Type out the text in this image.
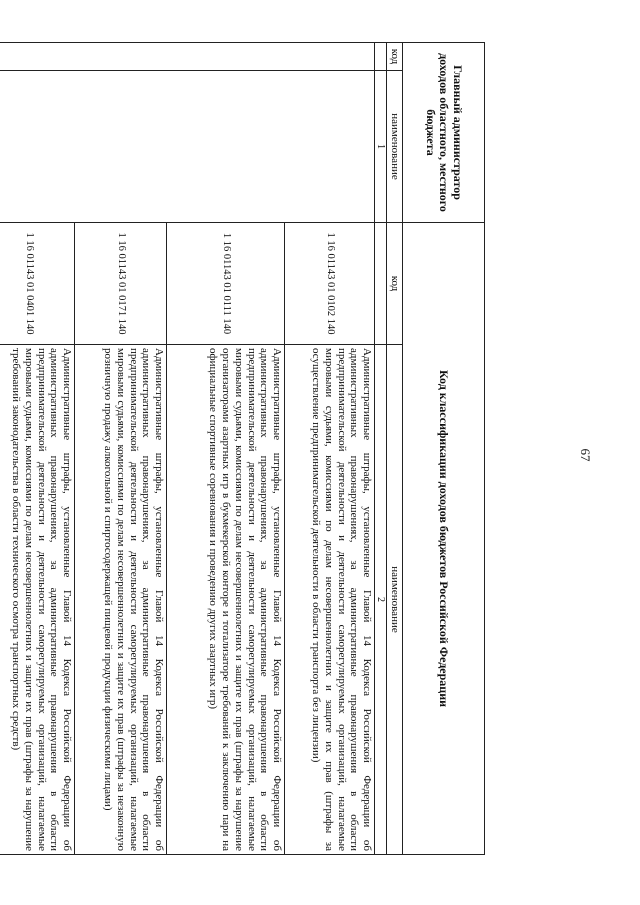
67
Главный администратор доходов областного, местного бюджета		Код классификации доходов бюджетов Российской Федерации	
код	наименование	код	наименование
	1		2
		1 16 01143 01 0102 140	Административные штрафы, установленные Главой 14 Кодекса Российской Федерации об административных правонарушениях, за административные правонарушения в области предпринимательской деятельности и деятельности саморегулируемых организаций, налагаемые мировыми судьями, комиссиями по делам несовершеннолетних и защите их прав (штрафы за осуществление предпринимательской деятельности в области транспорта без лицензии)
		1 16 01143 01 0111 140	Административные штрафы, установленные Главой 14 Кодекса Российской Федерации об административных правонарушениях, за административные правонарушения в области предпринимательской деятельности и деятельности саморегулируемых организаций, налагаемые мировыми судьями, комиссиями по делам несовершеннолетних и защите их прав (штрафы за нарушение организаторами азартных игр в букмекерской конторе и тотализаторе требований к заключению пари на официальные спортивные соревнования и проведению других азартных игр)
		1 16 01143 01 0171 140	Административные штрафы, установленные Главой 14 Кодекса Российской Федерации об административных правонарушениях, за административные правонарушения в области предпринимательской деятельности и деятельности саморегулируемых организаций, налагаемые мировыми судьями, комиссиями по делам несовершеннолетних и защите их прав (штрафы за незаконную розничную продажу алкогольной и спиртосодержащей пищевой продукции физическими лицами)
		1 16 01143 01 0401 140	Административные штрафы, установленные Главой 14 Кодекса Российской Федерации об административных правонарушениях, за административные правонарушения в области предпринимательской деятельности и деятельности саморегулируемых организаций, налагаемые мировыми судьями, комиссиями по делам несовершеннолетних и защите их прав (штрафы за нарушение требований законодательства в области технического осмотра транспортных средств)
